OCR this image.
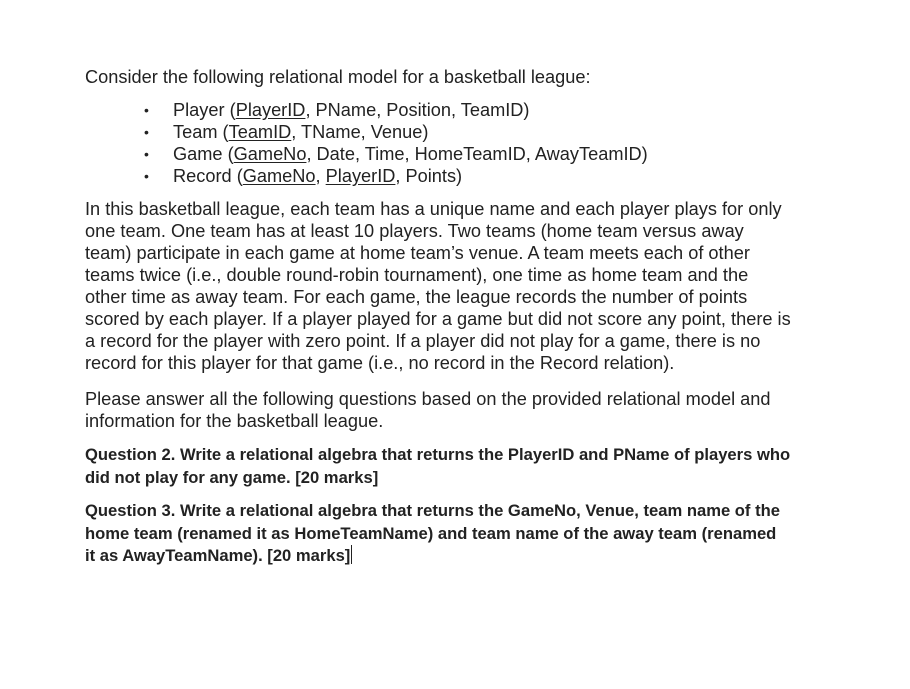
Consider the following relational model for a basketball league:

• Player (PlayerID, PName, Position, TeamID)
• Team (TeamID, TName, Venue)
• Game (GameNo, Date, Time, HomeTeamID, AwayTeamID)
• Record (GameNo, PlayerID, Points)
In this basketball league, each team has a unique name and each player plays for only
one team. One team has at least 10 players. Two teams (home team versus away
team) participate in each game at home team’s venue. A team meets each of other
teams twice (i.e., double round-robin tournament), one time as home team and the
other time as away team. For each game, the league records the number of points
scored by each player. If a player played for a game but did not score any point, there is
a record for the player with zero point. If a player did not play for a game, there is no
record for this player for that game (i.e., no record in the Record relation).
Please answer all the following questions based on the provided relational model and
information for the basketball league.
Question 2. Write a relational algebra that returns the PlayerID and PName of players who
did not play for any game. [20 marks]
Question 3. Write a relational algebra that returns the GameNo, Venue, team name of the
home team (renamed it as HomeTeamName) and team name of the away team (renamed
it as AwayTeamName). [20 marks]
